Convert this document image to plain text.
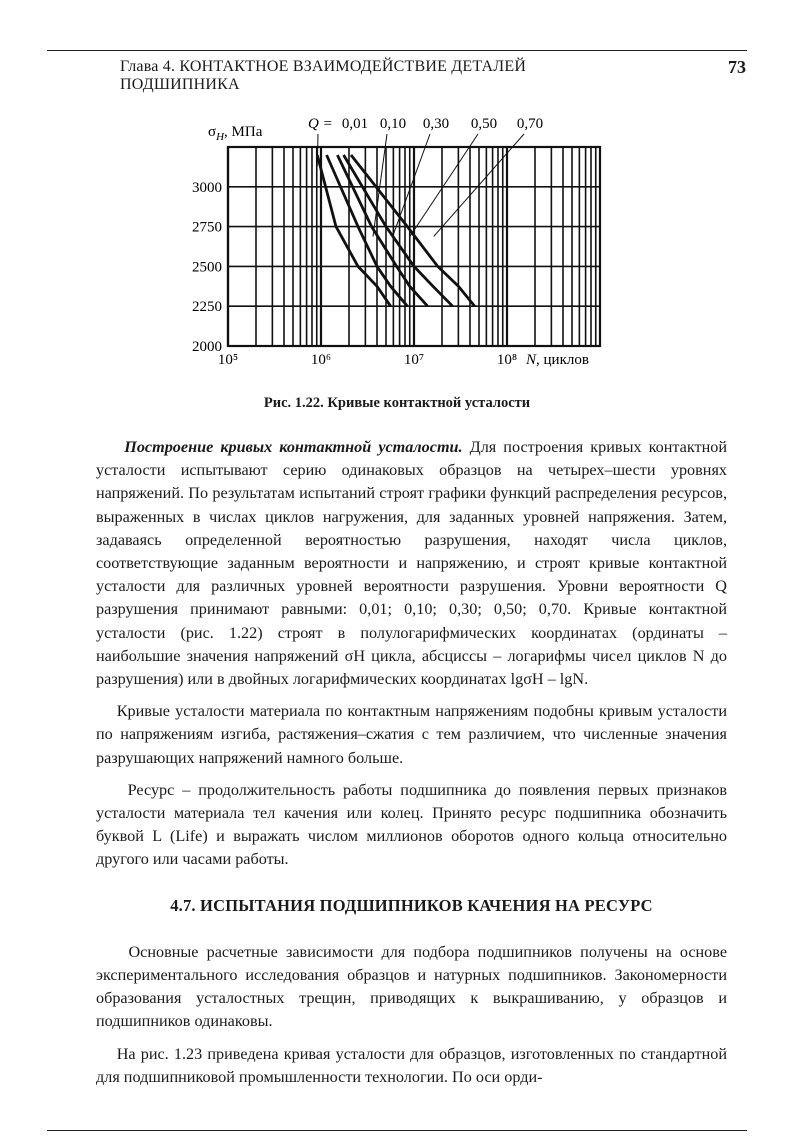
Глава 4. КОНТАКТНОЕ ВЗАИМОДЕЙСТВИЕ ДЕТАЛЕЙ ПОДШИПНИКА
73
3000
2750
2500
2250
2000
10⁵	10⁶	10⁷	10⁸
$\sigma_H$, МПа
N, циклов
Q = 0,01 0,10 0,30 0,50 0,70
Рис. 1.22. Кривые контактной усталости

Построение кривых контактной усталости. Для построения кривых контактной усталости испытывают серию одинаковых образцов на четырех–шести уровнях напряжений. По результатам испытаний строят графики функций распределения ресурсов, выраженных в числах циклов нагружения, для заданных уровней напряжения. Затем, задаваясь определенной вероятностью разрушения, находят числа циклов, соответствующие заданным вероятности и напряжению, и строят кривые контактной усталости для различных уровней вероятности разрушения. Уровни вероятности Q разрушения принимают равными: 0,01; 0,10; 0,30; 0,50; 0,70. Кривые контактной усталости (рис. 1.22) строят в полулогарифмических координатах (ординаты – наибольшие значения напряжений σH цикла, абсциссы – логарифмы чисел циклов N до разрушения) или в двойных логарифмических координатах lgσH – lgN.

Кривые усталости материала по контактным напряжениям подобны кривым усталости по напряжениям изгиба, растяжения–сжатия с тем различием, что численные значения разрушающих напряжений намного больше.

Ресурс – продолжительность работы подшипника до появления первых признаков усталости материала тел качения или колец. Принято ресурс подшипника обозначить буквой L (Life) и выражать числом миллионов оборотов одного кольца относительно другого или часами работы.

4.7. ИСПЫТАНИЯ ПОДШИПНИКОВ КАЧЕНИЯ НА РЕСУРС

Основные расчетные зависимости для подбора подшипников получены на основе экспериментального исследования образцов и натурных подшипников. Закономерности образования усталостных трещин, приводящих к выкрашиванию, у образцов и подшипников одинаковы.

На рис. 1.23 приведена кривая усталости для образцов, изготовленных по стандартной для подшипниковой промышленности технологии. По оси орди-
